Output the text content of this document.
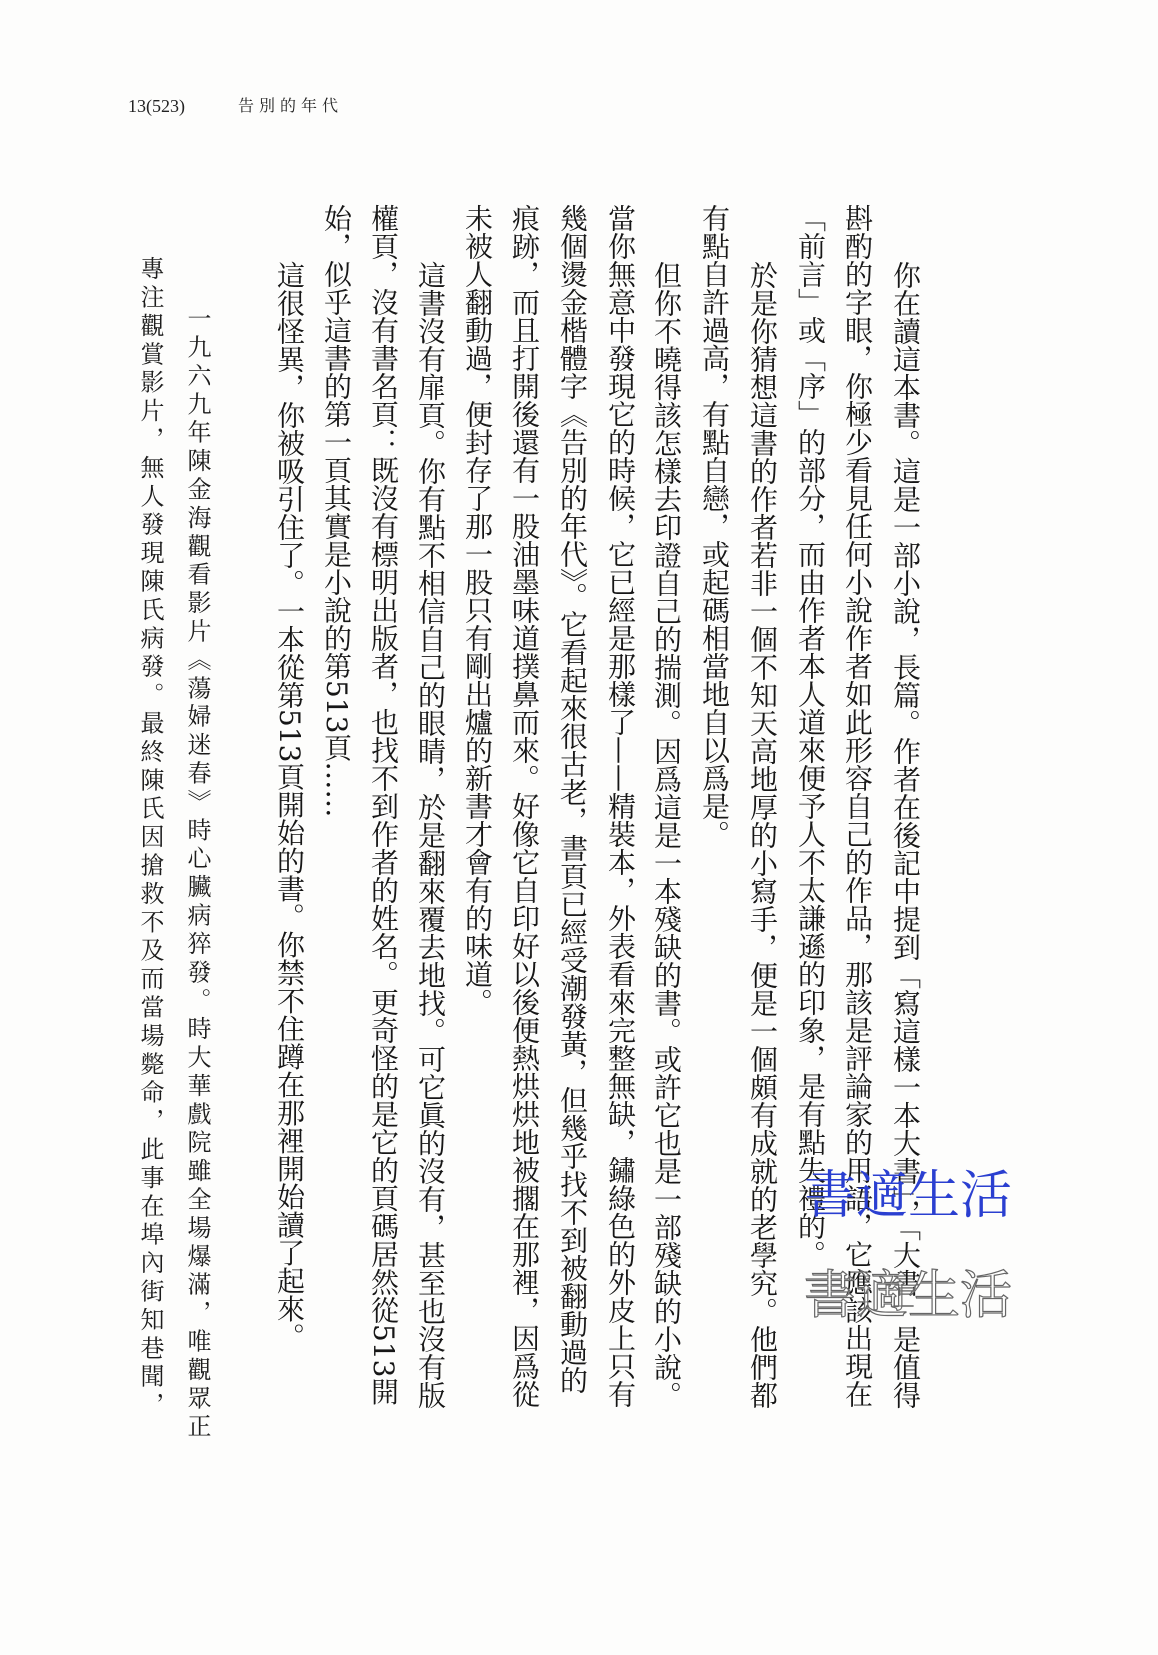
13(523)	告別的年代
你在讀這本書。這是一部小說，長篇。作者在後記中提到「寫這樣一本大書」，「大書」是值得
斟酌的字眼，你極少看見任何小說作者如此形容自己的作品，那該是評論家的用語，它應該出現在
「前言」或「序」的部分，而由作者本人道來便予人不太謙遜的印象，是有點失禮的。
於是你猜想這書的作者若非一個不知天高地厚的小寫手，便是一個頗有成就的老學究。他們都
有點自許過高，有點自戀，或起碼相當地自以爲是。
但你不曉得該怎樣去印證自己的揣測。因爲這是一本殘缺的書。或許它也是一部殘缺的小說。
當你無意中發現它的時候，它已經是那樣了——精裝本，外表看來完整無缺，鏽綠色的外皮上只有
幾個燙金楷體字《告別的年代》。它看起來很古老，書頁已經受潮發黃，但幾乎找不到被翻動過的
痕跡，而且打開後還有一股油墨味道撲鼻而來。好像它自印好以後便熱烘烘地被擱在那裡，因爲從
未被人翻動過，便封存了那一股只有剛出爐的新書才會有的味道。
這書沒有扉頁。你有點不相信自己的眼睛，於是翻來覆去地找。可它眞的沒有，甚至也沒有版
權頁，沒有書名頁：既沒有標明出版者，也找不到作者的姓名。更奇怪的是它的頁碼居然從513開
始，似乎這書的第一頁其實是小說的第513頁……
這很怪異，你被吸引住了。一本從第513頁開始的書。你禁不住蹲在那裡開始讀了起來。
一九六九年陳金海觀看影片《蕩婦迷春》時心臟病猝發。時大華戲院雖全場爆滿，唯觀眾正
專注觀賞影片，無人發現陳氏病發。最終陳氏因搶救不及而當場斃命，此事在埠內街知巷聞，	書適生活
書適生活
